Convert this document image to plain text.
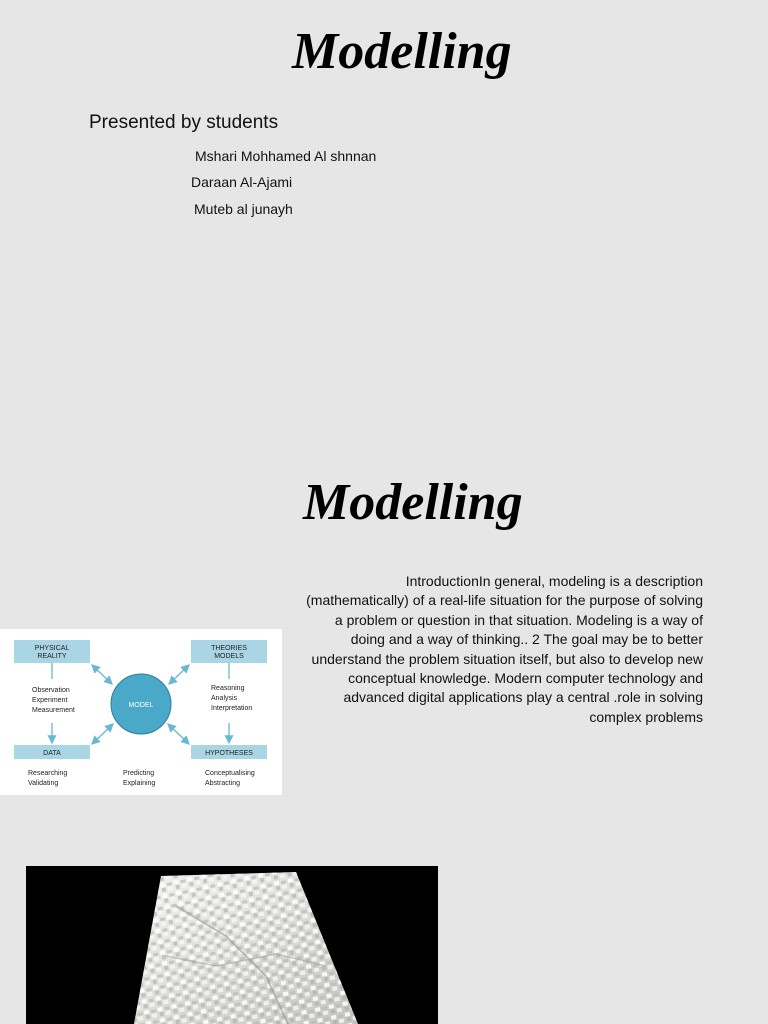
Modelling
Presented by students
Mshari Mohhamed Al shnnan
Daraan Al-Ajami
Muteb al junayh
Modelling
IntroductionIn general, modeling is a description (mathematically) of a real-life situation for the purpose of solving a problem or question in that situation. Modeling is a way of doing and a way of thinking.. 2 The goal may be to better understand the problem situation itself, but also to develop new conceptual knowledge. Modern computer technology and advanced digital applications play a central .role in solving complex problems
PHYSICAL
REALITY
THEORIES
MODELS
DATA	HYPOTHESES
MODEL
Observation
Experiment
Measurement
Reasoning
Analysis
Interpretation
Researching
Validating
Predicting
Explaining
Conceptualising
Abstracting
